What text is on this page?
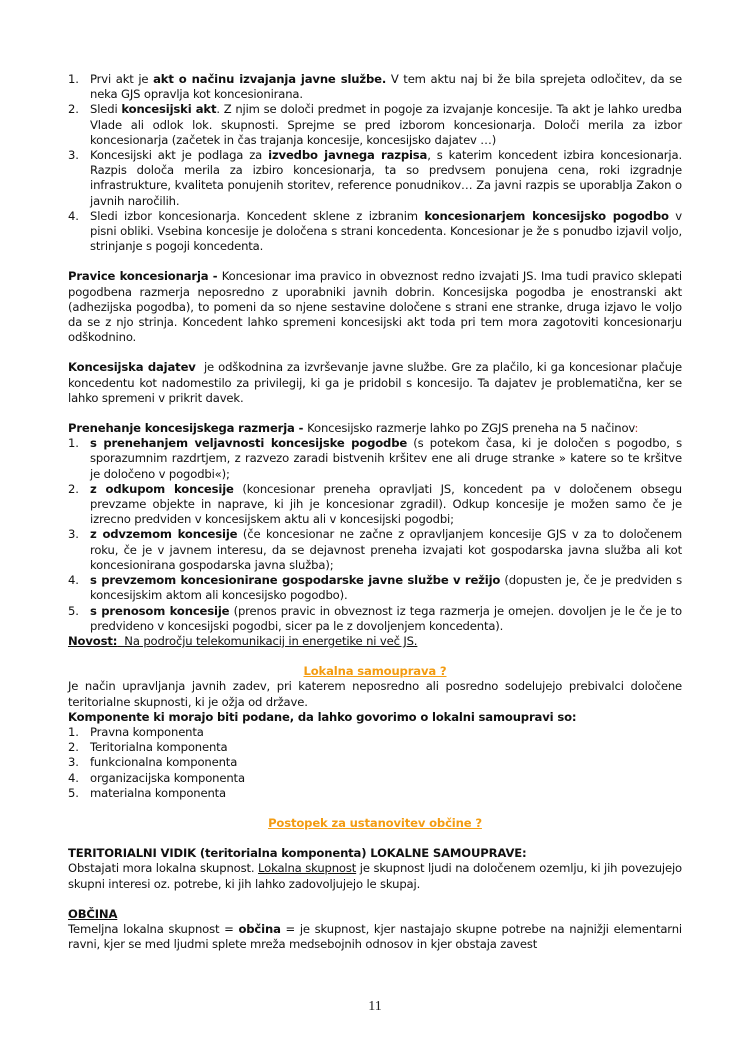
1. Prvi akt je akt o načinu izvajanja javne službe. V tem aktu naj bi že bila sprejeta odločitev, da se neka GJS opravlja kot koncesionirana.
2. Sledi koncesijski akt. Z njim se določi predmet in pogoje za izvajanje koncesije. Ta akt je lahko uredba Vlade ali odlok lok. skupnosti. Sprejme se pred izborom koncesionarja. Določi merila za izbor koncesionarja (začetek in čas trajanja koncesije, koncesijsko dajatev …)
3. Koncesijski akt je podlaga za izvedbo javnega razpisa, s katerim koncedent izbira koncesionarja. Razpis določa merila za izbiro koncesionarja, ta so predvsem ponujena cena, roki izgradnje infrastrukture, kvaliteta ponujenih storitev, reference ponudnikov… Za javni razpis se uporablja Zakon o javnih naročilih.
4. Sledi izbor koncesionarja. Koncedent sklene z izbranim koncesionarjem koncesijsko pogodbo v pisni obliki. Vsebina koncesije je določena s strani koncedenta. Koncesionar je že s ponudbo izjavil voljo, strinjanje s pogoji koncedenta.

Pravice koncesionarja - Koncesionar ima pravico in obveznost redno izvajati JS. Ima tudi pravico sklepati pogodbena razmerja neposredno z uporabniki javnih dobrin. Koncesijska pogodba je enostranski akt (adhezijska pogodba), to pomeni da so njene sestavine določene s strani ene stranke, druga izjavo le voljo da se z njo strinja. Koncedent lahko spremeni koncesijski akt toda pri tem mora zagotoviti koncesionarju odškodnino.

Koncesijska dajatev  je odškodnina za izvrševanje javne službe. Gre za plačilo, ki ga koncesionar plačuje koncedentu kot nadomestilo za privilegij, ki ga je pridobil s koncesijo. Ta dajatev je problematična, ker se lahko spremeni v prikrit davek.

Prenehanje koncesijskega razmerja - Koncesijsko razmerje lahko po ZGJS preneha na 5 načinov:

1. s prenehanjem veljavnosti koncesijske pogodbe (s potekom časa, ki je določen s pogodbo, s sporazumnim razdrtjem, z razvezo zaradi bistvenih kršitev ene ali druge stranke » katere so te kršitve je določeno v pogodbi«);
2. z odkupom koncesije (koncesionar preneha opravljati JS, koncedent pa v določenem obsegu prevzame objekte in naprave, ki jih je koncesionar zgradil). Odkup koncesije je možen samo če je izrecno predviden v koncesijskem aktu ali v koncesijski pogodbi;
3. z odvzemom koncesije (če koncesionar ne začne z opravljanjem koncesije GJS v za to določenem roku, če je v javnem interesu, da se dejavnost preneha izvajati kot gospodarska javna služba ali kot koncesionirana gospodarska javna služba);
4. s prevzemom koncesionirane gospodarske javne službe v režijo (dopusten je, če je predviden s koncesijskim aktom ali koncesijsko pogodbo).
5. s prenosom koncesije (prenos pravic in obveznost iz tega razmerja je omejen. dovoljen je le če je to predvideno v koncesijski pogodbi, sicer pa le z dovoljenjem koncedenta).

Novost:  Na področju telekomunikacij in energetike ni več JS.

Lokalna samouprava ?

Je način upravljanja javnih zadev, pri katerem neposredno ali posredno sodelujejo prebivalci določene teritorialne skupnosti, ki je ožja od države.

Komponente ki morajo biti podane, da lahko govorimo o lokalni samoupravi so:

1. Pravna komponenta
2. Teritorialna komponenta
3. funkcionalna komponenta
4. organizacijska komponenta
5. materialna komponenta

Postopek za ustanovitev občine ?

TERITORIALNI VIDIK (teritorialna komponenta) LOKALNE SAMOUPRAVE:

Obstajati mora lokalna skupnost. Lokalna skupnost je skupnost ljudi na določenem ozemlju, ki jih povezujejo skupni interesi oz. potrebe, ki jih lahko zadovoljujejo le skupaj.

OBČINA

Temeljna lokalna skupnost = občina = je skupnost, kjer nastajajo skupne potrebe na najnižji elementarni ravni, kjer se med ljudmi splete mreža medsebojnih odnosov in kjer obstaja zavest

11
